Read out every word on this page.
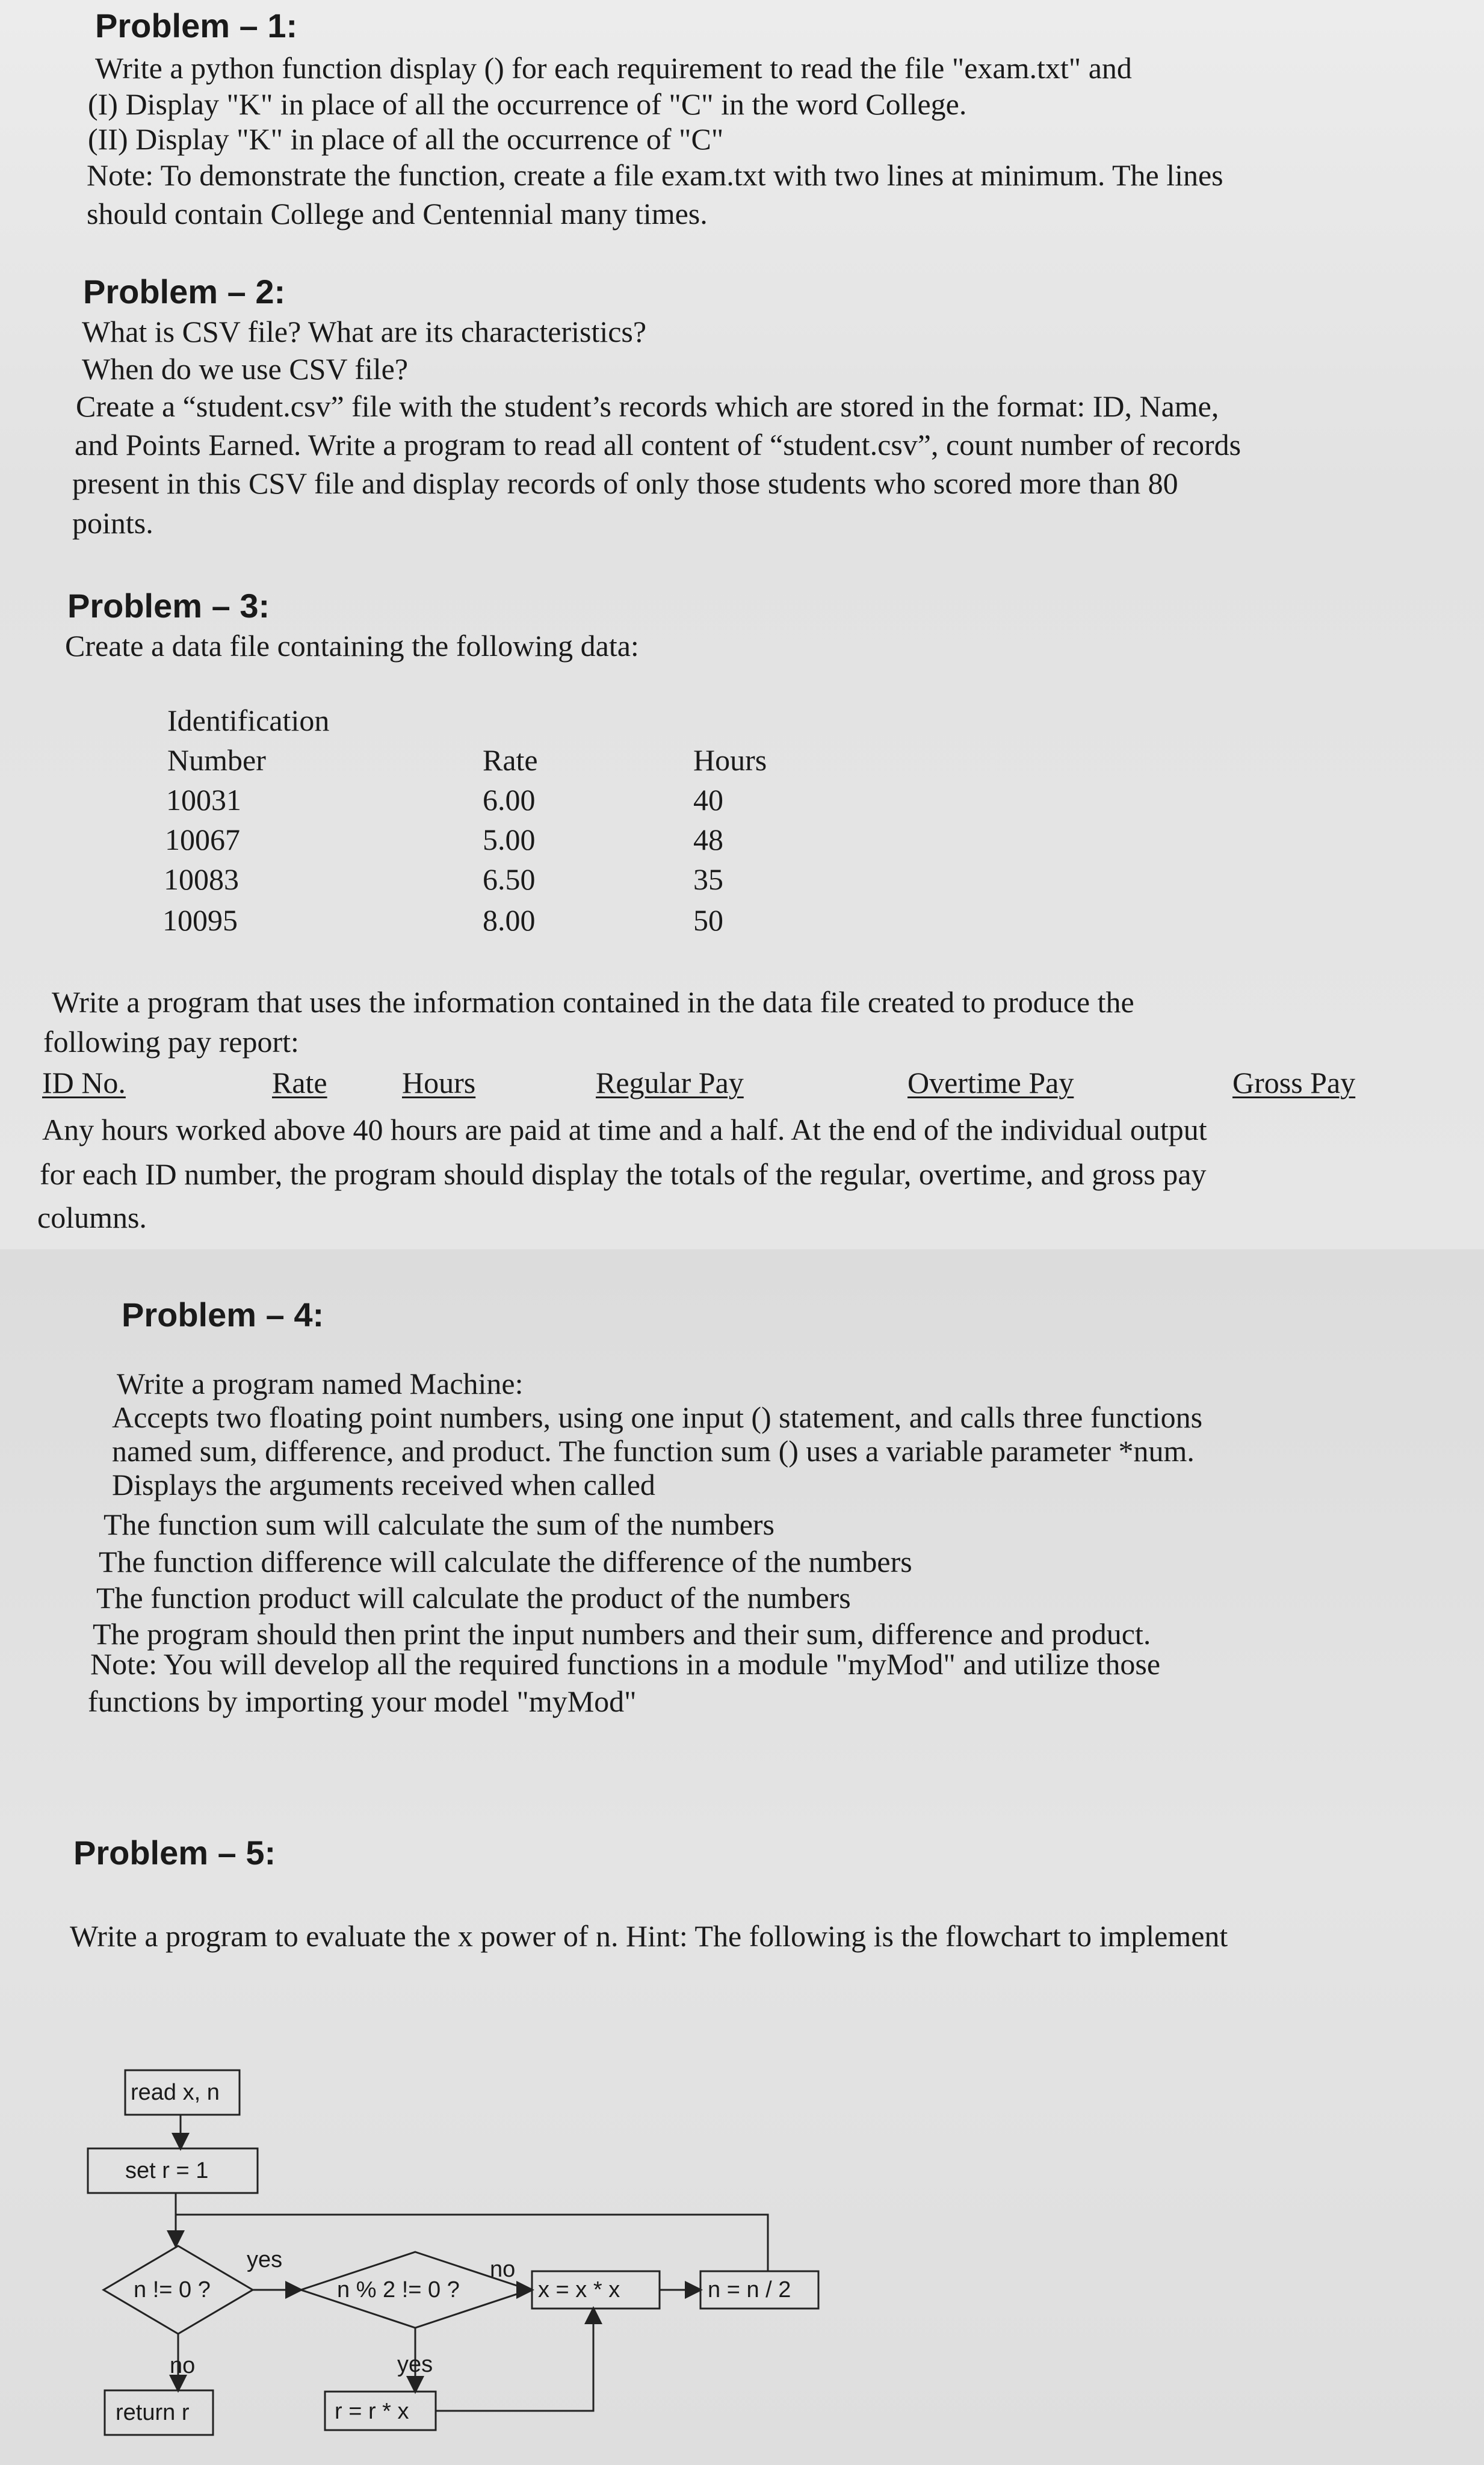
Problem – 1:
Write a python function display () for each requirement to read the file "exam.txt" and
(I) Display "K" in place of all the occurrence of "C" in the word College.
(II) Display "K" in place of all the occurrence of "C"
Note: To demonstrate the function, create a file exam.txt with two lines at minimum. The lines
should contain College and Centennial many times.
Problem – 2:
What is CSV file? What are its characteristics?
When do we use CSV file?
Create a “student.csv” file with the student’s records which are stored in the format: ID, Name,
and Points Earned. Write a program to read all content of “student.csv”, count number of records
present in this CSV file and display records of only those students who scored more than 80
points.
Problem – 3:
Create a data file containing the following data:
Identification
Number	Rate	Hours
10031	6.00	40
10067	5.00	48
10083	6.50	35
10095	8.00	50
Write a program that uses the information contained in the data file created to produce the
following pay report:
ID No.	Rate Hours	Regular Pay	Overtime Pay	Gross Pay
Any hours worked above 40 hours are paid at time and a half. At the end of the individual output
for each ID number, the program should display the totals of the regular, overtime, and gross pay
columns.
Problem – 4:
Write a program named Machine:
Accepts two floating point numbers, using one input () statement, and calls three functions
named sum, difference, and product. The function sum () uses a variable parameter *num.
Displays the arguments received when called
The function sum will calculate the sum of the numbers
The function difference will calculate the difference of the numbers
The function product will calculate the product of the numbers
The program should then print the input numbers and their sum, difference and product.
Note: You will develop all the required functions in a module "myMod" and utilize those
functions by importing your model "myMod"
Problem – 5:
Write a program to evaluate the x power of n. Hint: The following is the flowchart to implement
read x, n
set r = 1
n != 0 ?
yes
no
return r
n % 2 != 0 ?
no
yes
x = x * x	n = n / 2
r = r * x
